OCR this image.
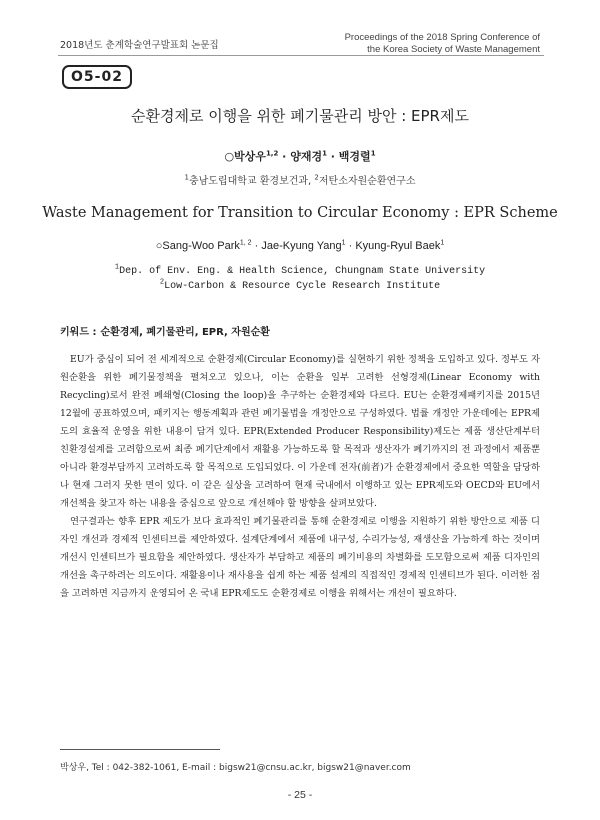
2018년도 춘계학술연구발표회 논문집
Proceedings of the 2018 Spring Conference of
the Korea Society of Waste Management
O5-02
순환경제로 이행을 위한 폐기물관리 방안 : EPR제도
○박상우$^{1,2}$ · 양재경$^1$ · 백경렬$^1$
$^1$충남도립대학교 환경보건과, $^2$저탄소자원순환연구소
Waste Management for Transition to Circular Economy : EPR Scheme
○Sang-Woo Park$^{1, 2}$ · Jae-Kyung Yang$^1$ · Kyung-Ryul Baek$^1$
$^1$Dep. of Env. Eng. & Health Science, Chungnam State University
$^2$Low-Carbon & Resource Cycle Research Institute
키워드 : 순환경제, 폐기물관리, EPR, 자원순환

EU가 중심이 되어 전 세계적으로 순환경제(Circular Economy)를 실현하기 위한 정책을 도입하고 있다. 정부도 자원순환을 위한 폐기물정책을 펼쳐오고 있으나, 이는 순환을 일부 고려한 선형경제(Linear Economy with Recycling)로서 완전 폐쇄형(Closing the loop)을 추구하는 순환경제와 다르다. EU는 순환경제패키지를 2015년 12월에 공표하였으며, 패키지는 행동계획과 관련 폐기물법을 개정안으로 구성하였다. 법률 개정안 가운데에는 EPR제도의 효율적 운영을 위한 내용이 담겨 있다. EPR(Extended Producer Responsibility)제도는 제품 생산단계부터 친환경설계를 고려함으로써 최종 폐기단계에서 재활용 가능하도록 할 목적과 생산자가 폐기까지의 전 과정에서 제품뿐 아니라 환경부담까지 고려하도록 할 목적으로 도입되었다. 이 가운데 전자(前者)가 순환경제에서 중요한 역할을 담당하나 현재 그러지 못한 면이 있다. 이 같은 실상을 고려하여 현재 국내에서 이행하고 있는 EPR제도와 OECD와 EU에서 개선책을 찾고자 하는 내용을 중심으로 앞으로 개선해야 할 방향을 살펴보았다.

연구결과는 향후 EPR 제도가 보다 효과적인 폐기물관리를 통해 순환경제로 이행을 지원하기 위한 방안으로 제품 디자인 개선과 경제적 인센티브를 제안하였다. 설계단계에서 제품에 내구성, 수리가능성, 재생산을 가능하게 하는 것이며 개선시 인센티브가 필요함을 제안하였다. 생산자가 부담하고 제품의 폐기비용의 차별화를 도모함으로써 제품 디자인의 개선을 촉구하려는 의도이다. 재활용이나 재사용을 쉽게 하는 제품 설계의 직접적인 경제적 인센티브가 된다. 이러한 점을 고려하면 지금까지 운영되어 온 국내 EPR제도도 순환경제로 이행을 위해서는 개선이 필요하다.

박상우, Tel : 042-382-1061, E-mail : bigsw21@cnsu.ac.kr, bigsw21@naver.com
- 25 -
